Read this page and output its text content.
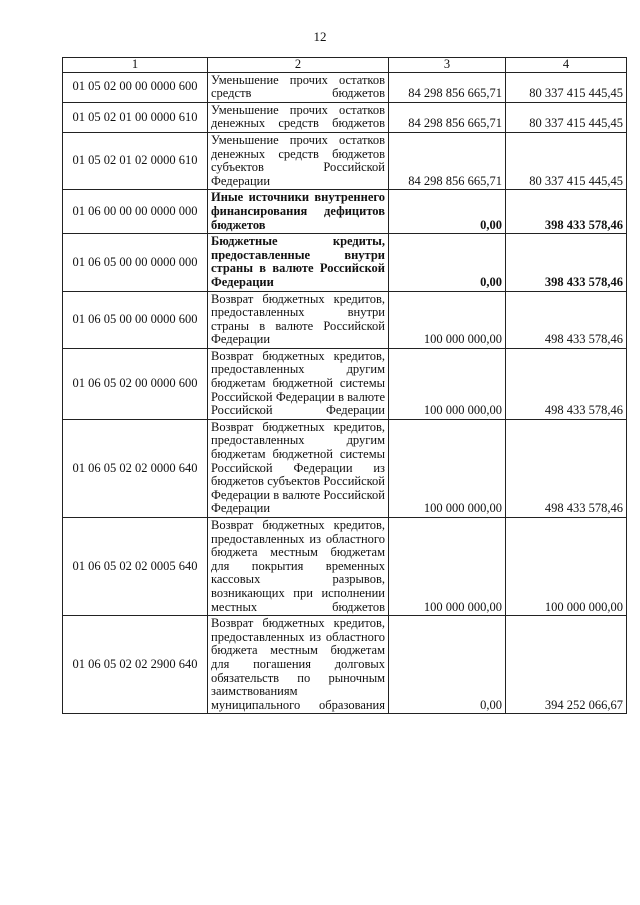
12
1	2	3	4
01 05 02 00 00 0000 600	Уменьшение прочих остатков средств бюджетов	84 298 856 665,71	80 337 415 445,45
01 05 02 01 00 0000 610	Уменьшение прочих остатков денежных средств бюджетов	84 298 856 665,71	80 337 415 445,45
01 05 02 01 02 0000 610	Уменьшение прочих остатков денежных средств бюджетов субъектов Российской Федерации	84 298 856 665,71	80 337 415 445,45
01 06 00 00 00 0000 000	Иные источники внутреннего финансирования дефицитов бюджетов	0,00	398 433 578,46
01 06 05 00 00 0000 000	Бюджетные кредиты, предоставленные внутри страны в валюте Российской Федерации	0,00	398 433 578,46
01 06 05 00 00 0000 600	Возврат бюджетных кредитов, предоставленных внутри страны в валюте Российской Федерации	100 000 000,00	498 433 578,46
01 06 05 02 00 0000 600	Возврат бюджетных кредитов, предоставленных другим бюджетам бюджетной системы Российской Федерации в валюте Российской Федерации	100 000 000,00	498 433 578,46
01 06 05 02 02 0000 640	Возврат бюджетных кредитов, предоставленных другим бюджетам бюджетной системы Российской Федерации из бюджетов субъектов Российской Федерации в валюте Российской Федерации	100 000 000,00	498 433 578,46
01 06 05 02 02 0005 640	Возврат бюджетных кредитов, предоставленных из областного бюджета местным бюджетам для покрытия временных кассовых разрывов, возникающих при исполнении местных бюджетов	100 000 000,00	100 000 000,00
01 06 05 02 02 2900 640	Возврат бюджетных кредитов, предоставленных из областного бюджета местным бюджетам для погашения долговых обязательств по рыночным заимствованиям муниципального образования	0,00	394 252 066,67
